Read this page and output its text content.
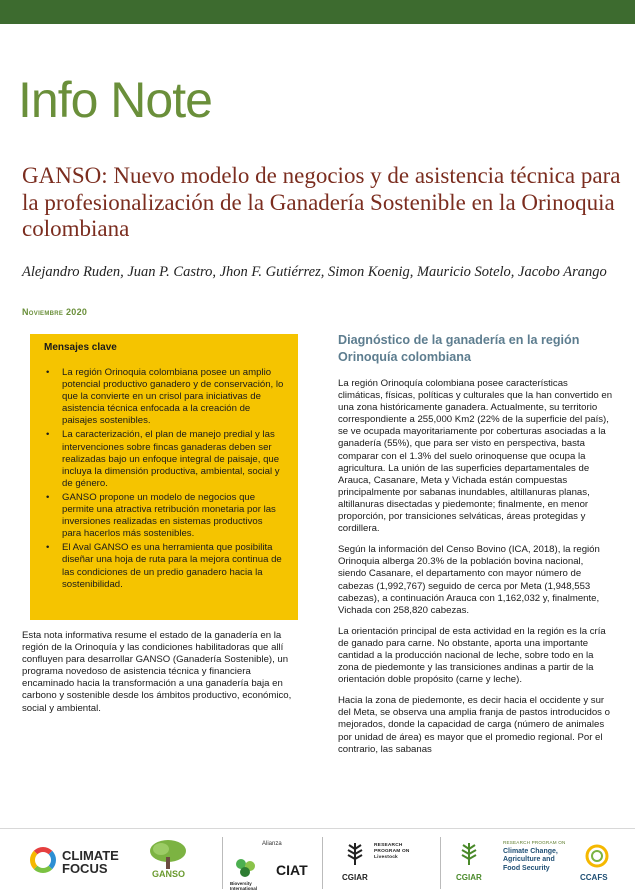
Info Note
GANSO: Nuevo modelo de negocios y de asistencia técnica para la profesionalización de la Ganadería Sostenible en la Orinoquia colombiana

Alejandro Ruden, Juan P. Castro, Jhon F. Gutiérrez, Simon Koenig, Mauricio Sotelo, Jacobo Arango

Noviembre 2020
Mensajes clave
• La región Orinoquia colombiana posee un amplio potencial productivo ganadero y de conservación, lo que la convierte en un crisol para iniciativas de asistencia técnica enfocada a la creación de paisajes sostenibles.
• La caracterización, el plan de manejo predial y las intervenciones sobre fincas ganaderas deben ser realizadas bajo un enfoque integral de paisaje, que incluya la dimensión productiva, ambiental, social y de género.
• GANSO propone un modelo de negocios que permite una atractiva retribución monetaria por las inversiones realizadas en sistemas productivos para hacerlos más sostenibles.
• El Aval GANSO es una herramienta que posibilita diseñar una hoja de ruta para la mejora continua de las condiciones de un predio ganadero hacia la sostenibilidad.

Esta nota informativa resume el estado de la ganadería en la región de la Orinoquía y las condiciones habilitadoras que allí confluyen para desarrollar GANSO (Ganadería Sostenible), un programa novedoso de asistencia técnica y financiera encaminado hacia la transformación a una ganadería baja en carbono y sostenible desde los ámbitos productivo, económico, social y ambiental.

Diagnóstico de la ganadería en la región Orinoquía colombiana

La región Orinoquía colombiana posee características climáticas, físicas, políticas y culturales que la han convertido en una zona históricamente ganadera. Actualmente, su territorio correspondiente a 255,000 Km2 (22% de la superficie del país), se ve ocupada mayoritariamente por coberturas asociadas a la ganadería (55%), que para ser visto en perspectiva, basta comparar con el 1.3% del suelo orinoquense que ocupa la agricultura. La unión de las superficies departamentales de Arauca, Casanare, Meta y Vichada están compuestas principalmente por sabanas inundables, altillanuras planas, altillanuras disectadas y piedemonte; finalmente, en menor proporción, por transiciones selváticas, áreas protegidas y cordillera.

Según la información del Censo Bovino (ICA, 2018), la región Orinoquia alberga 20.3% de la población bovina nacional, siendo Casanare, el departamento con mayor número de cabezas (1,992,767) seguido de cerca por Meta (1,948,553 cabezas), a continuación Arauca con 1,162,032 y, finalmente, Vichada con 258,820 cabezas.

La orientación principal de esta actividad en la región es la cría de ganado para carne. No obstante, aporta una importante cantidad a la producción nacional de leche, sobre todo en la zona de piedemonte y las transiciones andinas a partir de la orientación doble propósito (carne y leche).

Hacia la zona de piedemonte, es decir hacia el occidente y sur del Meta, se observa una amplia franja de pastos introducidos o mejorados, donde la capacidad de carga (número de animales por unidad de área) es mayor que el promedio regional. Por el contrario, las sabanas

CLIMATE FOCUS	GANSO
Alianza
Bioversity International
CIAT	CGIAR
RESEARCH PROGRAM ON Livestock
CGIAR
RESEARCH PROGRAM ON
Climate Change, Agriculture and Food Security
CCAFS
